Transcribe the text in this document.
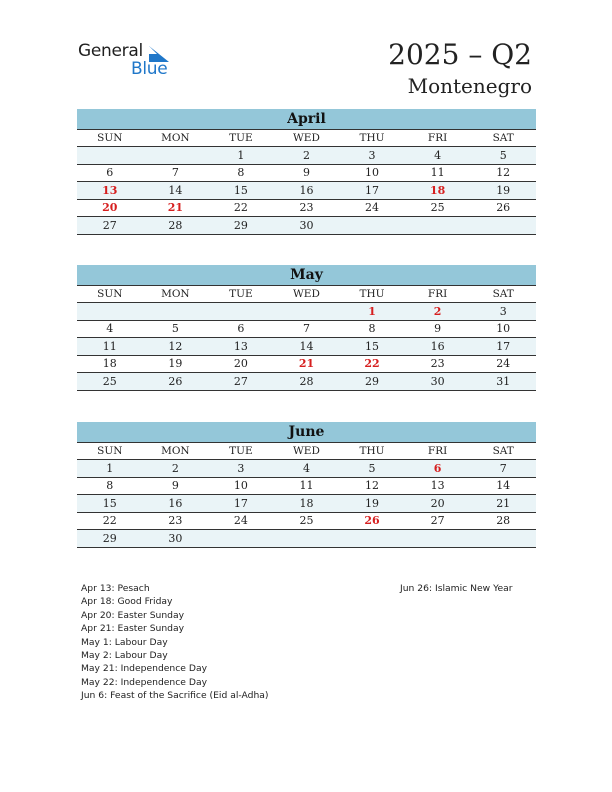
General
Blue	2025 – Q2
Montenegro
April
SUN	MON	TUE	WED	THU	FRI	SAT
		1	2	3	4	5
6	7	8	9	10	11	12
13	14	15	16	17	18	19
20	21	22	23	24	25	26
27	28	29	30			
May
SUN	MON	TUE	WED	THU	FRI	SAT
				1	2	3
4	5	6	7	8	9	10
11	12	13	14	15	16	17
18	19	20	21	22	23	24
25	26	27	28	29	30	31
June
SUN	MON	TUE	WED	THU	FRI	SAT
1	2	3	4	5	6	7
8	9	10	11	12	13	14
15	16	17	18	19	20	21
22	23	24	25	26	27	28
29	30					
Apr 13: Pesach
Apr 18: Good Friday
Apr 20: Easter Sunday
Apr 21: Easter Sunday
May 1: Labour Day
May 2: Labour Day
May 21: Independence Day
May 22: Independence Day
Jun 6: Feast of the Sacrifice (Eid al-Adha)
Jun 26: Islamic New Year
